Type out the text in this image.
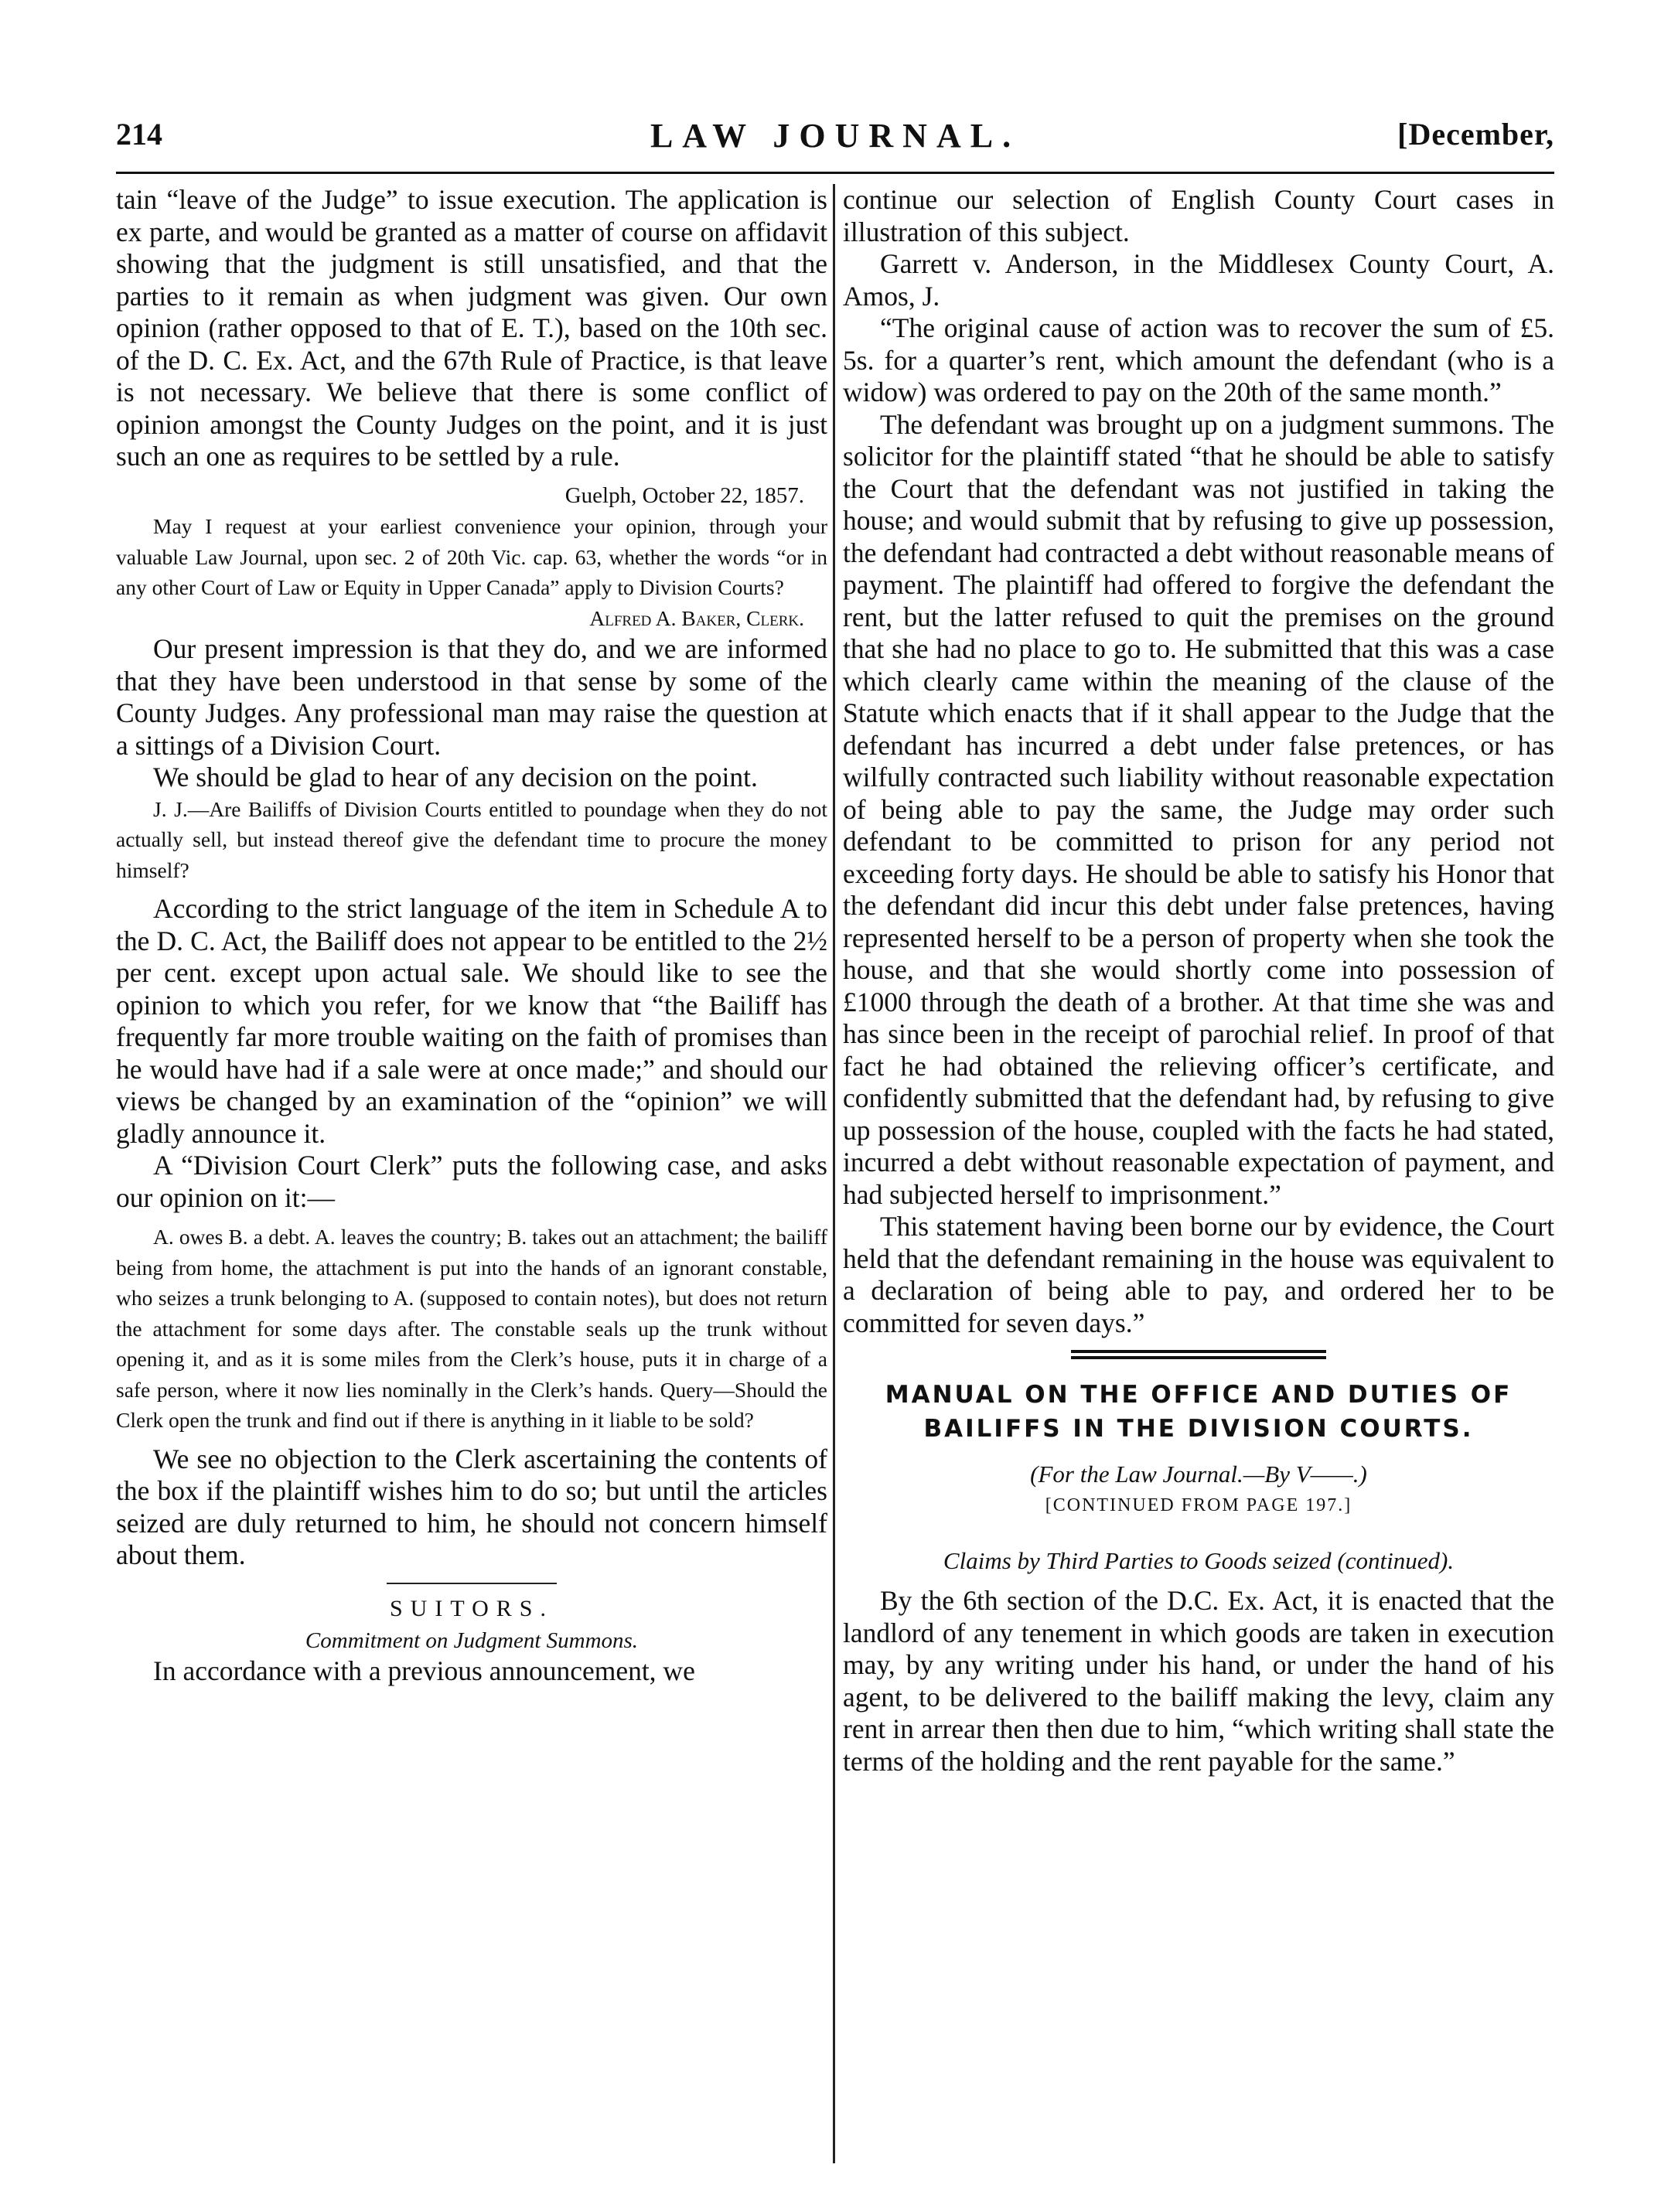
214	LAW JOURNAL.	[December,

tain “leave of the Judge” to issue execution. The application is ex parte, and would be granted as a matter of course on affidavit showing that the judgment is still unsatisfied, and that the parties to it remain as when judgment was given. Our own opinion (rather opposed to that of E. T.), based on the 10th sec. of the D. C. Ex. Act, and the 67th Rule of Practice, is that leave is not necessary. We believe that there is some conflict of opinion amongst the County Judges on the point, and it is just such an one as requires to be settled by a rule.

Guelph, October 22, 1857.

May I request at your earliest convenience your opinion, through your valuable Law Journal, upon sec. 2 of 20th Vic. cap. 63, whether the words “or in any other Court of Law or Equity in Upper Canada” apply to Division Courts?

Alfred A. Baker, Clerk.

Our present impression is that they do, and we are informed that they have been understood in that sense by some of the County Judges. Any professional man may raise the question at a sittings of a Division Court.

We should be glad to hear of any decision on the point.

J. J.—Are Bailiffs of Division Courts entitled to poundage when they do not actually sell, but instead thereof give the defendant time to procure the money himself?

According to the strict language of the item in Schedule A to the D. C. Act, the Bailiff does not appear to be entitled to the 2½ per cent. except upon actual sale. We should like to see the opinion to which you refer, for we know that “the Bailiff has frequently far more trouble waiting on the faith of promises than he would have had if a sale were at once made;” and should our views be changed by an examination of the “opinion” we will gladly announce it.

A “Division Court Clerk” puts the following case, and asks our opinion on it:—

A. owes B. a debt. A. leaves the country; B. takes out an attachment; the bailiff being from home, the attachment is put into the hands of an ignorant constable, who seizes a trunk belonging to A. (supposed to contain notes), but does not return the attachment for some days after. The constable seals up the trunk without opening it, and as it is some miles from the Clerk’s house, puts it in charge of a safe person, where it now lies nominally in the Clerk’s hands. Query—Should the Clerk open the trunk and find out if there is anything in it liable to be sold?

We see no objection to the Clerk ascertaining the contents of the box if the plaintiff wishes him to do so; but until the articles seized are duly returned to him, he should not concern himself about them.

SUITORS.

Commitment on Judgment Summons.

In accordance with a previous announcement, we

continue our selection of English County Court cases in illustration of this subject.

Garrett v. Anderson, in the Middlesex County Court, A. Amos, J.

“The original cause of action was to recover the sum of £5. 5s. for a quarter’s rent, which amount the defendant (who is a widow) was ordered to pay on the 20th of the same month.”

The defendant was brought up on a judgment summons. The solicitor for the plaintiff stated “that he should be able to satisfy the Court that the defendant was not justified in taking the house; and would submit that by refusing to give up possession, the defendant had contracted a debt without reasonable means of payment. The plaintiff had offered to forgive the defendant the rent, but the latter refused to quit the premises on the ground that she had no place to go to. He submitted that this was a case which clearly came within the meaning of the clause of the Statute which enacts that if it shall appear to the Judge that the defendant has incurred a debt under false pretences, or has wilfully contracted such liability without reasonable expectation of being able to pay the same, the Judge may order such defendant to be committed to prison for any period not exceeding forty days. He should be able to satisfy his Honor that the defendant did incur this debt under false pretences, having represented herself to be a person of property when she took the house, and that she would shortly come into possession of £1000 through the death of a brother. At that time she was and has since been in the receipt of parochial relief. In proof of that fact he had obtained the relieving officer’s certificate, and confidently submitted that the defendant had, by refusing to give up possession of the house, coupled with the facts he had stated, incurred a debt without reasonable expectation of payment, and had subjected herself to imprisonment.”

This statement having been borne our by evidence, the Court held that the defendant remaining in the house was equivalent to a declaration of being able to pay, and ordered her to be committed for seven days.”

MANUAL ON THE OFFICE AND DUTIES OF

BAILIFFS IN THE DIVISION COURTS.

(For the Law Journal.—By V——.)

[CONTINUED FROM PAGE 197.]

Claims by Third Parties to Goods seized (continued).

By the 6th section of the D.C. Ex. Act, it is enacted that the landlord of any tenement in which goods are taken in execution may, by any writing under his hand, or under the hand of his agent, to be delivered to the bailiff making the levy, claim any rent in arrear then then due to him, “which writing shall state the terms of the holding and the rent payable for the same.”
